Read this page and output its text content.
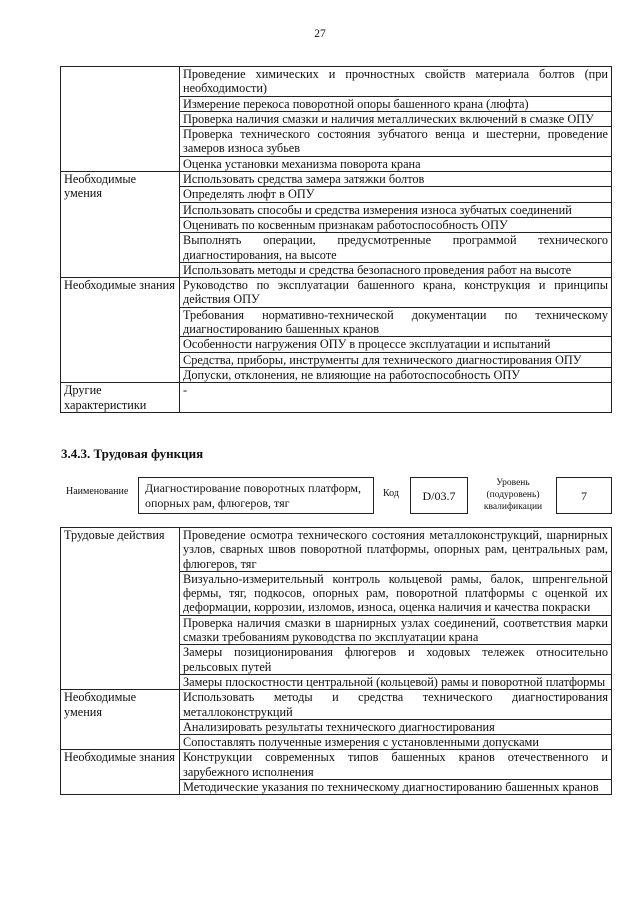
27
	Проведение химических и прочностных свойств материала болтов (при необходимости)
	Измерение перекоса поворотной опоры башенного крана (люфта)
	Проверка наличия смазки и наличия металлических включений в смазке ОПУ
	Проверка технического состояния зубчатого венца и шестерни, проведение замеров износа зубьев
	Оценка установки механизма поворота крана
Необходимые умения	Использовать средства замера затяжки болтов
	Определять люфт в ОПУ
	Использовать способы и средства измерения износа зубчатых соединений
	Оценивать по косвенным признакам работоспособность ОПУ
	Выполнять операции, предусмотренные программой технического диагностирования, на высоте
	Использовать методы и средства безопасного проведения работ на высоте
Необходимые знания	Руководство по эксплуатации башенного крана, конструкция и принципы действия ОПУ
	Требования нормативно-технической документации по техническому диагностированию башенных кранов
	Особенности нагружения ОПУ в процессе эксплуатации и испытаний
	Средства, приборы, инструменты для технического диагностирования ОПУ
	Допуски, отклонения, не влияющие на работоспособность ОПУ
Другие характеристики	-
3.4.3. Трудовая функция
Наименование Диагностирование поворотных платформ, опорных рам, флюгеров, тяг
Код	D/03.7
Уровень (подуровень) квалификации
7
Трудовые действия	Проведение осмотра технического состояния металлоконструкций, шарнирных узлов, сварных швов поворотной платформы, опорных рам, центральных рам, флюгеров, тяг
	Визуально-измерительный контроль кольцевой рамы, балок, шпренгельной фермы, тяг, подкосов, опорных рам, поворотной платформы с оценкой их деформации, коррозии, изломов, износа, оценка наличия и качества покраски
	Проверка наличия смазки в шарнирных узлах соединений, соответствия марки смазки требованиям руководства по эксплуатации крана
	Замеры позиционирования флюгеров и ходовых тележек относительно рельсовых путей
	Замеры плоскостности центральной (кольцевой) рамы и поворотной платформы
Необходимые умения	Использовать методы и средства технического диагностирования металлоконструкций
	Анализировать результаты технического диагностирования
	Сопоставлять полученные измерения с установленными допусками
Необходимые знания	Конструкции современных типов башенных кранов отечественного и зарубежного исполнения
	Методические указания по техническому диагностированию башенных кранов
